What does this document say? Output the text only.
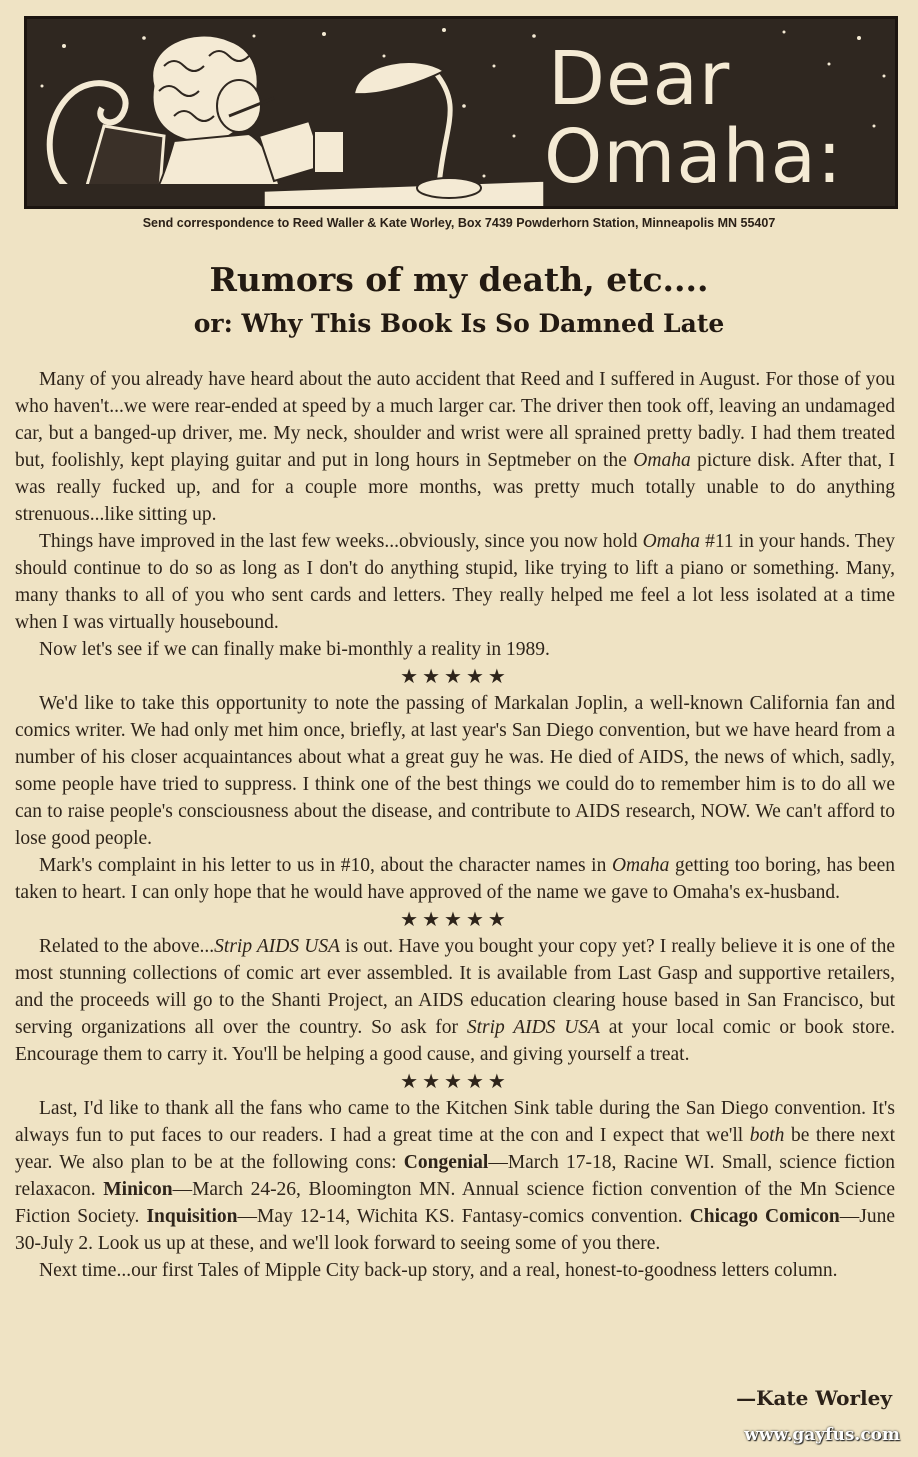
Dear
Omaha:
Send correspondence to Reed Waller & Kate Worley, Box 7439 Powderhorn Station, Minneapolis MN 55407
Rumors of my death, etc....
or: Why This Book Is So Damned Late

Many of you already have heard about the auto accident that Reed and I suffered in August. For those of you who haven't...we were rear-ended at speed by a much larger car. The driver then took off, leaving an undamaged car, but a banged-up driver, me. My neck, shoulder and wrist were all sprained pretty badly. I had them treated but, foolishly, kept playing guitar and put in long hours in Septmeber on the Omaha picture disk. After that, I was really fucked up, and for a couple more months, was pretty much totally unable to do anything strenuous...like sitting up.

Things have improved in the last few weeks...obviously, since you now hold Omaha #11 in your hands. They should continue to do so as long as I don't do anything stupid, like trying to lift a piano or something. Many, many thanks to all of you who sent cards and letters. They really helped me feel a lot less isolated at a time when I was virtually housebound.

Now let's see if we can finally make bi-monthly a reality in 1989.

★★★★★

We'd like to take this opportunity to note the passing of Markalan Joplin, a well-known California fan and comics writer. We had only met him once, briefly, at last year's San Diego convention, but we have heard from a number of his closer acquaintances about what a great guy he was. He died of AIDS, the news of which, sadly, some people have tried to suppress. I think one of the best things we could do to remember him is to do all we can to raise people's consciousness about the disease, and contribute to AIDS research, NOW. We can't afford to lose good people.

Mark's complaint in his letter to us in #10, about the character names in Omaha getting too boring, has been taken to heart. I can only hope that he would have approved of the name we gave to Omaha's ex-husband.

★★★★★

Related to the above...Strip AIDS USA is out. Have you bought your copy yet? I really believe it is one of the most stunning collections of comic art ever assembled. It is available from Last Gasp and supportive retailers, and the proceeds will go to the Shanti Project, an AIDS education clearing house based in San Francisco, but serving organizations all over the country. So ask for Strip AIDS USA at your local comic or book store. Encourage them to carry it. You'll be helping a good cause, and giving yourself a treat.

★★★★★

Last, I'd like to thank all the fans who came to the Kitchen Sink table during the San Diego convention. It's always fun to put faces to our readers. I had a great time at the con and I expect that we'll both be there next year. We also plan to be at the following cons: Congenial—March 17-18, Racine WI. Small, science fiction relaxacon. Minicon—March 24-26, Bloomington MN. Annual science fiction convention of the Mn Science Fiction Society. Inquisition—May 12-14, Wichita KS. Fantasy-comics convention. Chicago Comicon—June 30-July 2. Look us up at these, and we'll look forward to seeing some of you there.

Next time...our first Tales of Mipple City back-up story, and a real, honest-to-goodness letters column.

—Kate Worley
www.gayfus.com
